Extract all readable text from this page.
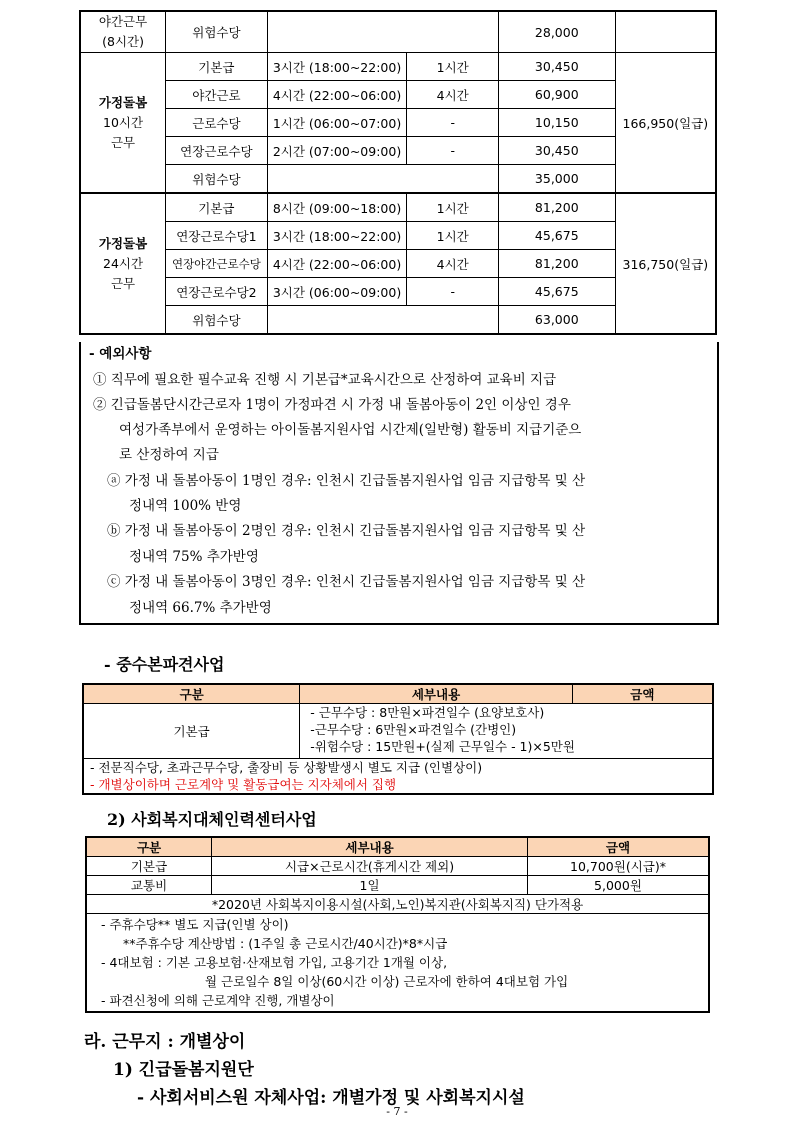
야간근무
(8시간)	위험수당			28,000	
가정돌봄
10시간
근무	기본급	3시간 (18:00~22:00)	1시간	30,450	166,950(일급)
	야간근로	4시간 (22:00~06:00)	4시간	60,900	
	근로수당	1시간 (06:00~07:00)	-	10,150	
	연장근로수당	2시간 (07:00~09:00)	-	30,450	
	위험수당			35,000	
가정돌봄
24시간
근무	기본급	8시간 (09:00~18:00)	1시간	81,200	316,750(일급)
	연장근로수당1	3시간 (18:00~22:00)	1시간	45,675	
	연장야간근로수당	4시간 (22:00~06:00)	4시간	81,200	
	연장근로수당2	3시간 (06:00~09:00)	-	45,675	
	위험수당			63,000	
- 예외사항
① 직무에 필요한 필수교육 진행 시 기본급*교육시간으로 산정하여 교육비 지급
② 긴급돌봄단시간근로자 1명이 가정파견 시 가정 내 돌봄아동이 2인 이상인 경우
여성가족부에서 운영하는 아이돌봄지원사업 시간제(일반형) 활동비 지급기준으
로 산정하여 지급
ⓐ 가정 내 돌봄아동이 1명인 경우: 인천시 긴급돌봄지원사업 임금 지급항목 및 산
정내역 100% 반영
ⓑ 가정 내 돌봄아동이 2명인 경우: 인천시 긴급돌봄지원사업 임금 지급항목 및 산
정내역 75% 추가반영
ⓒ 가정 내 돌봄아동이 3명인 경우: 인천시 긴급돌봄지원사업 임금 지급항목 및 산
정내역 66.7% 추가반영
- 중수본파견사업
구분	세부내용	금액
기본급	- 근무수당 : 8만원×파견일수 (요양보호사)
-근무수당 : 6만원×파견일수 (간병인)
-위험수당 : 15만원+(실제 근무일수 - 1)×5만원	

- 전문직수당, 초과근무수당, 출장비 등 상황발생시 별도 지급 (인별상이)
- 개별상이하며 근로계약 및 활동급여는 지자체에서 집행		
2) 사회복지대체인력센터사업
구분	세부내용	금액
기본급	시급×근로시간(휴게시간 제외)	10,700원(시급)*
교통비	1일	5,000원
*2020년 사회복지이용시설(사회,노인)복지관(사회복지직) 단가적용		

- 주휴수당** 별도 지급(인별 상이)
**주휴수당 계산방법 : (1주일 총 근로시간/40시간)*8*시급
- 4대보험 : 기본 고용보험·산재보험 가입, 고용기간 1개월 이상,
월 근로일수 8일 이상(60시간 이상) 근로자에 한하여 4대보험 가입
- 파견신청에 의해 근로계약 진행, 개별상이		
라. 근무지 : 개별상이
1) 긴급돌봄지원단
- 사회서비스원 자체사업: 개별가정 및 사회복지시설
- 7 -
